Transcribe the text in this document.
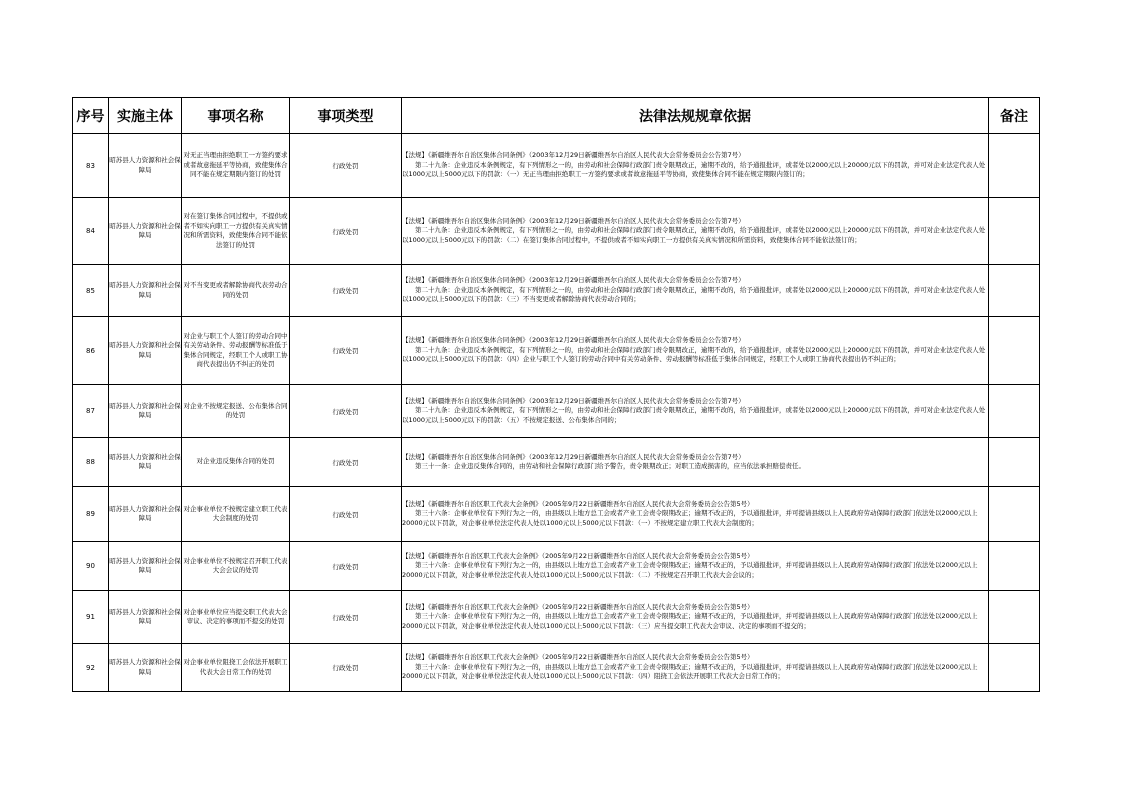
序号	实施主体	事项名称	事项类型	法律法规规章依据	备注
83	昭苏县人力资源和社会保障局	对无正当理由拒绝职工一方签约要求或者故意拖延平等协商，致使集体合同不能在规定期限内签订的处罚	行政处罚	【法规】《新疆维吾尔自治区集体合同条例》（2003年12月29日新疆维吾尔自治区人民代表大会常务委员会公告第7号）
第二十九条：企业违反本条例规定，有下列情形之一的，由劳动和社会保障行政部门责令限期改正，逾期不改的，给予通报批评，或者处以2000元以上20000元以下的罚款，并可对企业法定代表人处以1000元以上5000元以下的罚款：（一）无正当理由拒绝职工一方签约要求或者故意拖延平等协商，致使集体合同不能在规定期限内签订的；	

84	昭苏县人力资源和社会保障局	对在签订集体合同过程中，不提供或者不如实向职工一方提供有关真实情况和所需资料，致使集体合同不能依法签订的处罚	行政处罚	【法规】《新疆维吾尔自治区集体合同条例》（2003年12月29日新疆维吾尔自治区人民代表大会常务委员会公告第7号）
第二十九条：企业违反本条例规定，有下列情形之一的，由劳动和社会保障行政部门责令限期改正，逾期不改的，给予通报批评，或者处以2000元以上20000元以下的罚款，并可对企业法定代表人处以1000元以上5000元以下的罚款：（二）在签订集体合同过程中，不提供或者不如实向职工一方提供有关真实情况和所需资料，致使集体合同不能依法签订的；	

85	昭苏县人力资源和社会保障局	对不当变更或者解除协商代表劳动合同的处罚	行政处罚	【法规】《新疆维吾尔自治区集体合同条例》（2003年12月29日新疆维吾尔自治区人民代表大会常务委员会公告第7号）
第二十九条：企业违反本条例规定，有下列情形之一的，由劳动和社会保障行政部门责令限期改正，逾期不改的，给予通报批评，或者处以2000元以上20000元以下的罚款，并可对企业法定代表人处以1000元以上5000元以下的罚款：（三）不当变更或者解除协商代表劳动合同的；	

86	昭苏县人力资源和社会保障局	对企业与职工个人签订的劳动合同中有关劳动条件、劳动报酬等标准低于集体合同规定，经职工个人或职工协商代表提出仍不纠正的处罚	行政处罚	【法规】《新疆维吾尔自治区集体合同条例》（2003年12月29日新疆维吾尔自治区人民代表大会常务委员会公告第7号）
第二十九条：企业违反本条例规定，有下列情形之一的，由劳动和社会保障行政部门责令限期改正，逾期不改的，给予通报批评，或者处以2000元以上20000元以下的罚款，并可对企业法定代表人处以1000元以上5000元以下的罚款：（四）企业与职工个人签订的劳动合同中有关劳动条件、劳动报酬等标准低于集体合同规定，经职工个人或职工协商代表提出仍不纠正的；	

87	昭苏县人力资源和社会保障局	对企业不按规定报送、公布集体合同的处罚	行政处罚	【法规】《新疆维吾尔自治区集体合同条例》（2003年12月29日新疆维吾尔自治区人民代表大会常务委员会公告第7号）
第二十九条：企业违反本条例规定，有下列情形之一的，由劳动和社会保障行政部门责令限期改正，逾期不改的，给予通报批评，或者处以2000元以上20000元以下的罚款，并可对企业法定代表人处以1000元以上5000元以下的罚款：（五）不按规定报送、公布集体合同的；	

88	昭苏县人力资源和社会保障局	对企业违反集体合同的处罚	行政处罚	【法规】《新疆维吾尔自治区集体合同条例》（2003年12月29日新疆维吾尔自治区人民代表大会常务委员会公告第7号）
第三十一条：企业违反集体合同的，由劳动和社会保障行政部门给予警告，责令限期改正；对职工造成损害的，应当依法承担赔偿责任。	

89	昭苏县人力资源和社会保障局	对企事业单位不按规定建立职工代表大会制度的处罚	行政处罚	【法规】《新疆维吾尔自治区职工代表大会条例》（2005年9月22日新疆维吾尔自治区人民代表大会常务委员会公告第5号）
第三十六条：企事业单位有下列行为之一的，由县级以上地方总工会或者产业工会责令限期改正；逾期不改正的，予以通报批评，并可提请县级以上人民政府劳动保障行政部门依法处以2000元以上20000元以下罚款，对企事业单位法定代表人处以1000元以上5000元以下罚款：（一）不按规定建立职工代表大会制度的；	

90	昭苏县人力资源和社会保障局	对企事业单位不按规定召开职工代表大会会议的处罚	行政处罚	【法规】《新疆维吾尔自治区职工代表大会条例》（2005年9月22日新疆维吾尔自治区人民代表大会常务委员会公告第5号）
第三十六条：企事业单位有下列行为之一的，由县级以上地方总工会或者产业工会责令限期改正；逾期不改正的，予以通报批评，并可提请县级以上人民政府劳动保障行政部门依法处以2000元以上20000元以下罚款，对企事业单位法定代表人处以1000元以上5000元以下罚款：（二）不按规定召开职工代表大会会议的；	

91	昭苏县人力资源和社会保障局	对企事业单位应当提交职工代表大会审议、决定的事项而不提交的处罚	行政处罚	【法规】《新疆维吾尔自治区职工代表大会条例》（2005年9月22日新疆维吾尔自治区人民代表大会常务委员会公告第5号）
第三十六条：企事业单位有下列行为之一的，由县级以上地方总工会或者产业工会责令限期改正；逾期不改正的，予以通报批评，并可提请县级以上人民政府劳动保障行政部门依法处以2000元以上20000元以下罚款，对企事业单位法定代表人处以1000元以上5000元以下罚款：（三）应当提交职工代表大会审议、决定的事项而不提交的；	

92	昭苏县人力资源和社会保障局	对企事业单位阻挠工会依法开展职工代表大会日常工作的处罚	行政处罚	【法规】《新疆维吾尔自治区职工代表大会条例》（2005年9月22日新疆维吾尔自治区人民代表大会常务委员会公告第5号）
第三十六条：企事业单位有下列行为之一的，由县级以上地方总工会或者产业工会责令限期改正；逾期不改正的，予以通报批评，并可提请县级以上人民政府劳动保障行政部门依法处以2000元以上20000元以下罚款，对企事业单位法定代表人处以1000元以上5000元以下罚款：（四）阻挠工会依法开展职工代表大会日常工作的；	
